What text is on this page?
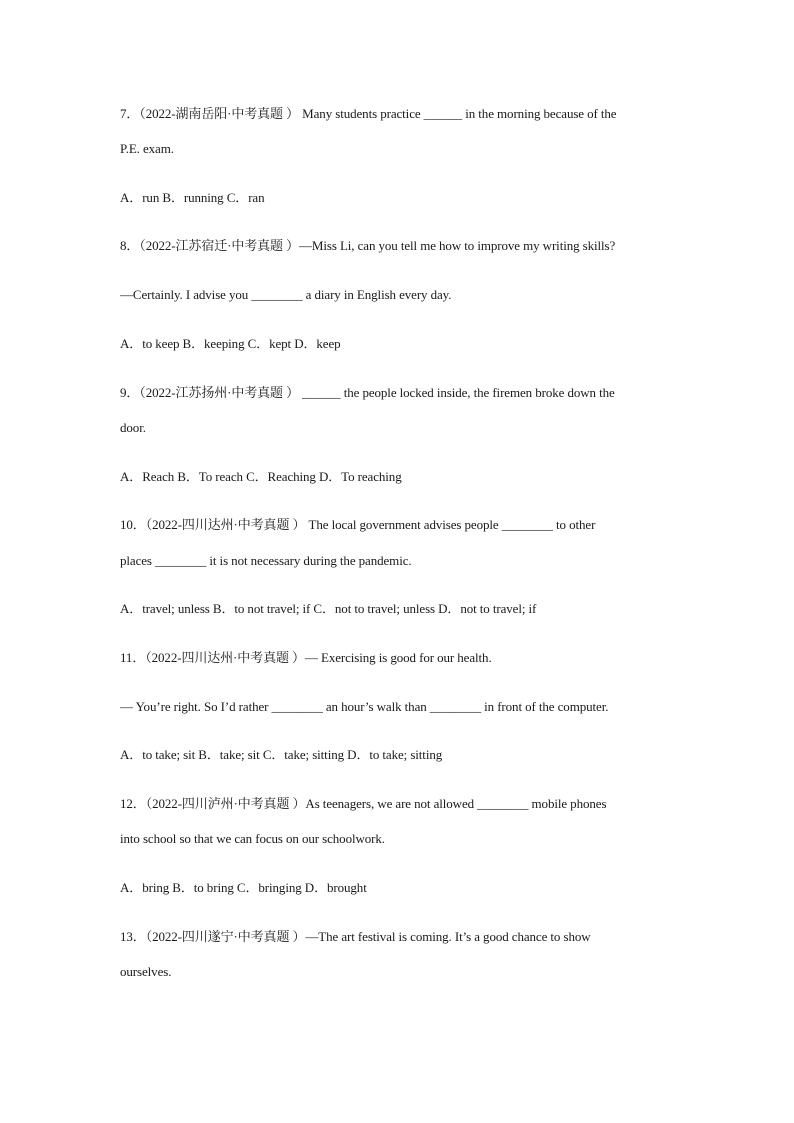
7．（2022-湖南岳阳·中考真题 ） Many students practice ______ in the morning because of the
P.E. exam.
A．run B．running C．ran
8．（2022-江苏宿迁·中考真题 ）—Miss Li, can you tell me how to improve my writing skills?
—Certainly. I advise you ________ a diary in English every day.
A．to keep B．keeping C．kept D．keep
9．（2022-江苏扬州·中考真题 ） ______ the people locked inside, the firemen broke down the
door.
A．Reach B．To reach C．Reaching D．To reaching
10．（2022-四川达州·中考真题 ） The local government advises people ________ to other
places ________ it is not necessary during the pandemic.
A．travel; unless B．to not travel; if C．not to travel; unless D．not to travel; if
11．（2022-四川达州·中考真题 ）— Exercising is good for our health.
— You’re right. So I’d rather ________ an hour’s walk than ________ in front of the computer.
A．to take; sit B．take; sit C．take; sitting D．to take; sitting
12．（2022-四川泸州·中考真题 ）As teenagers, we are not allowed ________ mobile phones
into school so that we can focus on our schoolwork.
A．bring B．to bring C．bringing D．brought
13．（2022-四川遂宁·中考真题 ）—The art festival is coming. It’s a good chance to show
ourselves.
